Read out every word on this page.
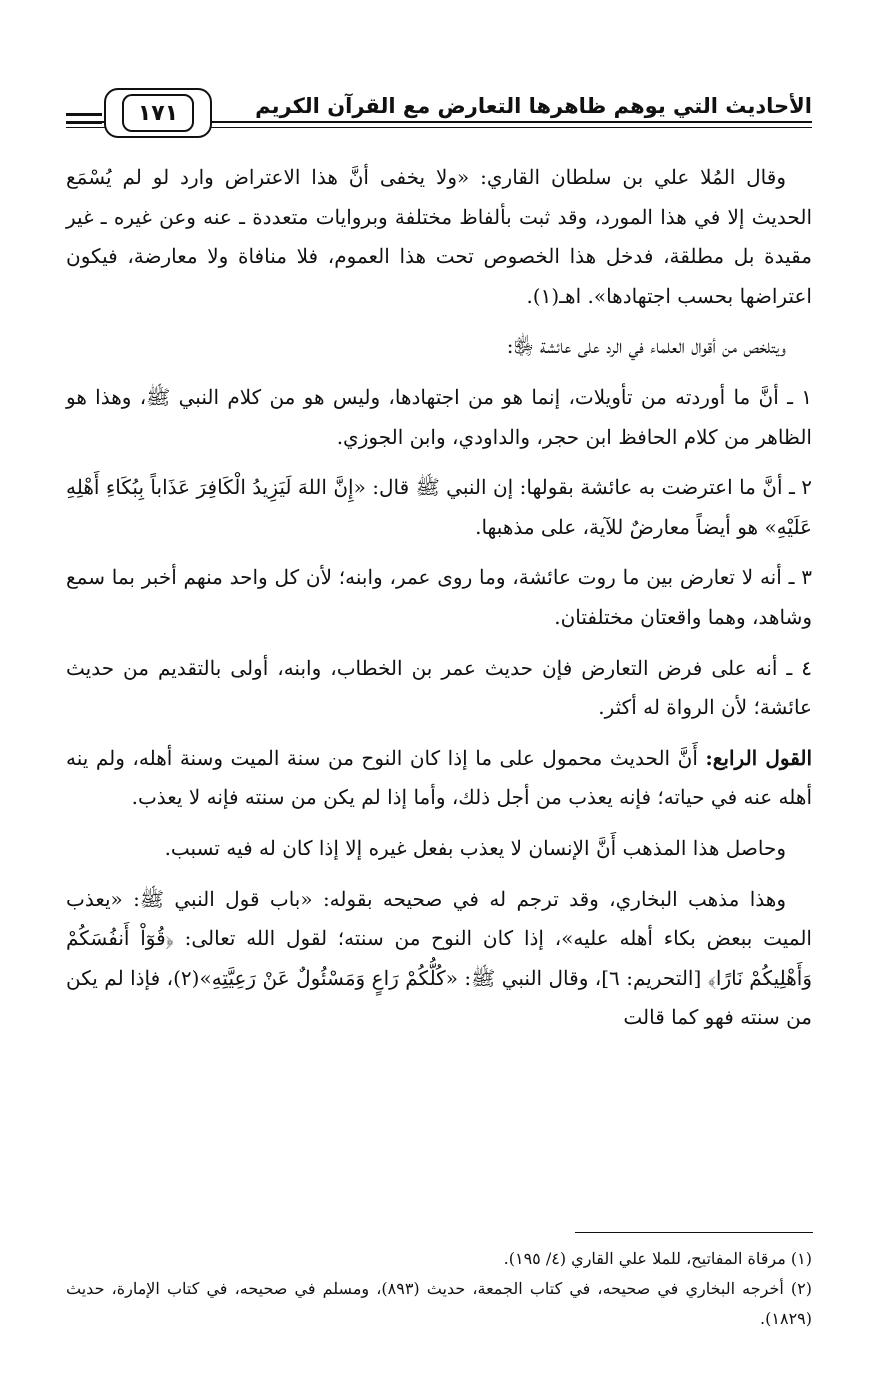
الأحاديث التي يوهم ظاهرها التعارض مع القرآن الكريم
١٧١

وقال المُلا علي بن سلطان القاري: «ولا يخفى أنَّ هذا الاعتراض وارد لو لم يُسْمَع الحديث إلا في هذا المورد، وقد ثبت بألفاظ مختلفة وبروايات متعددة ـ عنه وعن غيره ـ غير مقيدة بل مطلقة، فدخل هذا الخصوص تحت هذا العموم، فلا منافاة ولا معارضة، فيكون اعتراضها بحسب اجتهادها». اهـ(١).

ويتلخص من أقوال العلماء في الرد على عائشة ﵂:

١ ـ أنَّ ما أوردته من تأويلات، إنما هو من اجتهادها، وليس هو من كلام النبي ﷺ، وهذا هو الظاهر من كلام الحافظ ابن حجر، والداودي، وابن الجوزي.

٢ ـ أنَّ ما اعترضت به عائشة بقولها: إن النبي ﷺ قال: «إِنَّ اللهَ لَيَزِيدُ الْكَافِرَ عَذَاباً بِبُكَاءِ أَهْلِهِ عَلَيْهِ» هو أيضاً معارضٌ للآية، على مذهبها.

٣ ـ أنه لا تعارض بين ما روت عائشة، وما روى عمر، وابنه؛ لأن كل واحد منهم أخبر بما سمع وشاهد، وهما واقعتان مختلفتان.

٤ ـ أنه على فرض التعارض فإن حديث عمر بن الخطاب، وابنه، أولى بالتقديم من حديث عائشة؛ لأن الرواة له أكثر.

القول الرابع: أَنَّ الحديث محمول على ما إذا كان النوح من سنة الميت وسنة أهله، ولم ينه أهله عنه في حياته؛ فإنه يعذب من أجل ذلك، وأما إذا لم يكن من سنته فإنه لا يعذب.

وحاصل هذا المذهب أَنَّ الإنسان لا يعذب بفعل غيره إلا إذا كان له فيه تسبب.

وهذا مذهب البخاري، وقد ترجم له في صحيحه بقوله: «باب قول النبي ﷺ: «يعذب الميت ببعض بكاء أهله عليه»، إذا كان النوح من سنته؛ لقول الله تعالى: ﴿قُوٓاْ أَنفُسَكُمْ وَأَهْلِيكُمْ نَارًا﴾ [التحريم: ٦]، وقال النبي ﷺ: «كُلُّكُمْ رَاعٍ وَمَسْئُولٌ عَنْ رَعِيَّتِهِ»(٢)، فإذا لم يكن من سنته فهو كما قالت

(١) مرقاة المفاتيح، للملا علي القاري (٤/ ١٩٥).

(٢) أخرجه البخاري في صحيحه، في كتاب الجمعة، حديث (٨٩٣)، ومسلم في صحيحه، في كتاب الإمارة، حديث (١٨٢٩).
